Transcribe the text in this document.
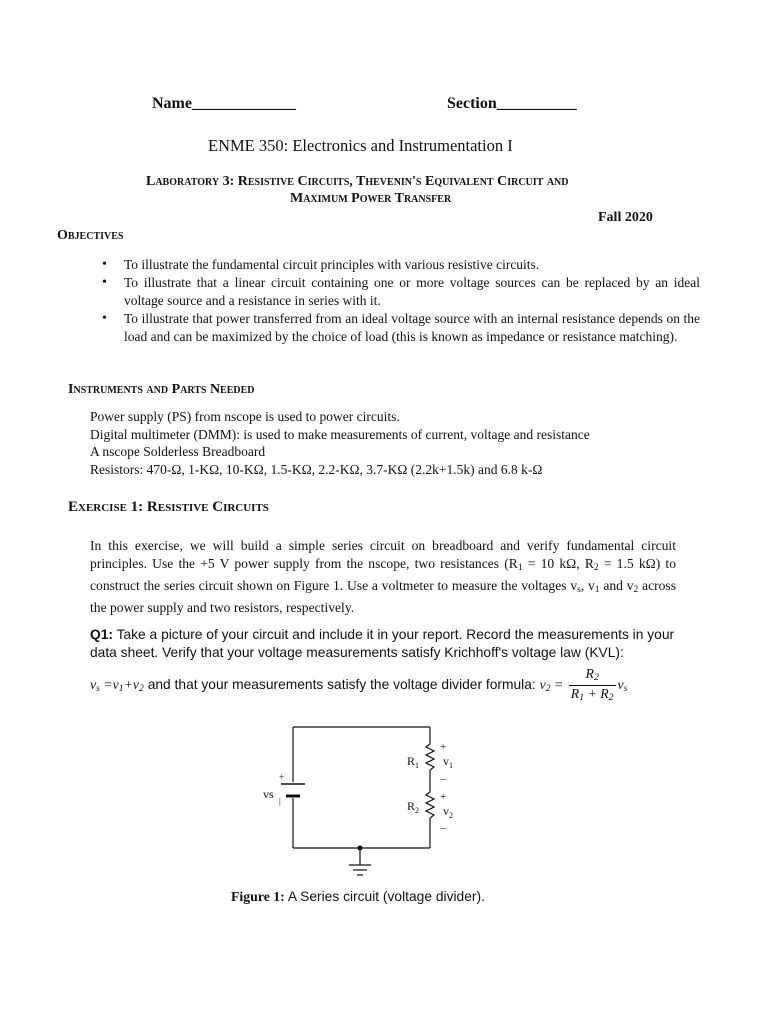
Name_____________	Section__________
ENME 350: Electronics and Instrumentation I
Laboratory 3: Resistive Circuits, Thevenin's Equivalent Circuit and
Maximum Power Transfer
Fall 2020
Objectives
• To illustrate the fundamental circuit principles with various resistive circuits.
• To illustrate that a linear circuit containing one or more voltage sources can be replaced by an ideal voltage source and a resistance in series with it.
• To illustrate that power transferred from an ideal voltage source with an internal resistance depends on the load and can be maximized by the choice of load (this is known as impedance or resistance matching).
Instruments and Parts Needed
Power supply (PS) from nscope is used to power circuits.
Digital multimeter (DMM): is used to make measurements of current, voltage and resistance
A nscope Solderless Breadboard
Resistors: 470-Ω, 1-KΩ, 10-KΩ, 1.5-KΩ, 2.2-KΩ, 3.7-KΩ (2.2k+1.5k) and 6.8 k-Ω
Exercise 1: Resistive Circuits
In this exercise, we will build a simple series circuit on breadboard and verify fundamental circuit principles. Use the +5 V power supply from the nscope, two resistances ($R_1 = 10$ kΩ, $R_2 = 1.5$ kΩ) to construct the series circuit shown on Figure 1. Use a voltmeter to measure the voltages $v_s$, $v_1$ and $v_2$ across the power supply and two resistors, respectively.
Q1: Take a picture of your circuit and include it in your report. Record the measurements in your data sheet. Verify that your voltage measurements satisfy Krichhoff's voltage law (KVL):
$v_s =v_1+v_2$ and that your measurements satisfy the voltage divider formula: $v_2 = \frac{R_2}{R_1 + R_2} v_s$
+
|
vs
$R_1$
$R_2$
+
$v_1$
−
+
$v_2$
−
Figure 1: A Series circuit (voltage divider).
